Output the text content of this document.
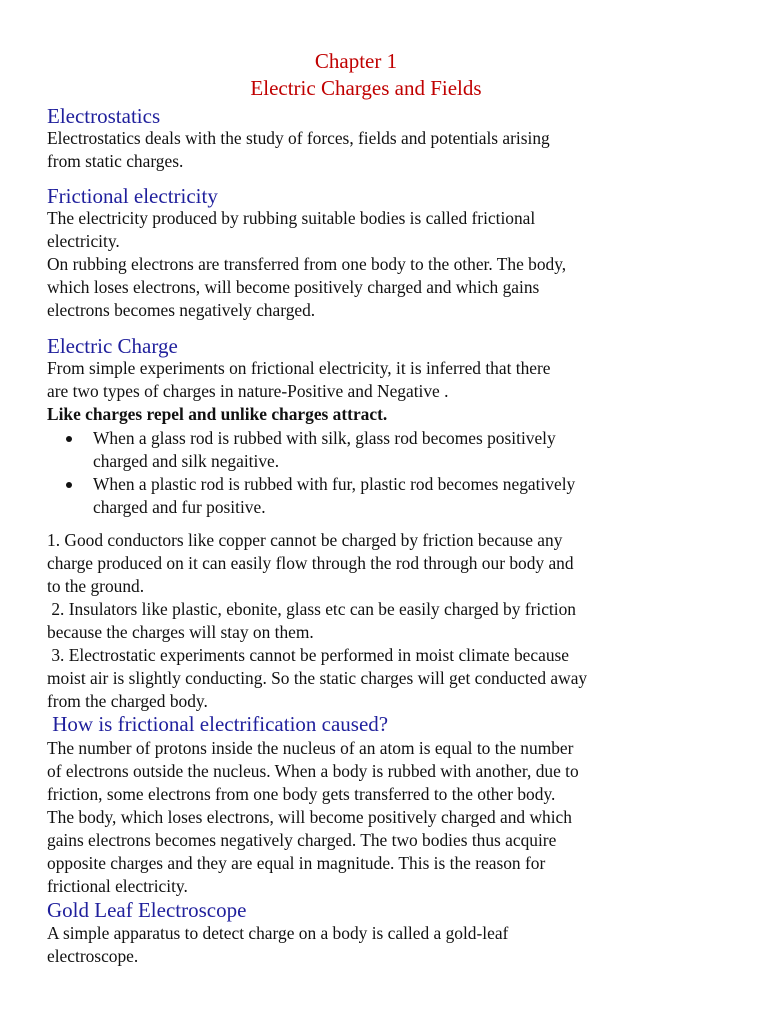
Chapter 1
Electric Charges and Fields
Electrostatics

Electrostatics deals with the study of forces, fields and potentials arising
from static charges.

Frictional electricity

The electricity produced by rubbing suitable bodies is called frictional
electricity.
On rubbing electrons are transferred from one body to the other. The body,
which loses electrons, will become positively charged and which gains
electrons becomes negatively charged.

Electric Charge

From simple experiments on frictional electricity, it is inferred that there
are two types of charges in nature-Positive and Negative .

Like charges repel and unlike charges attract.

When a glass rod is rubbed with silk, glass rod becomes positively
charged and silk negaitive.
When a plastic rod is rubbed with fur, plastic rod becomes negatively
charged and fur positive.

1. Good conductors like copper cannot be charged by friction because any
charge produced on it can easily flow through the rod through our body and
to the ground.
2. Insulators like plastic, ebonite, glass etc can be easily charged by friction
because the charges will stay on them.
3. Electrostatic experiments cannot be performed in moist climate because
moist air is slightly conducting. So the static charges will get conducted away
from the charged body.

How is frictional electrification caused?

The number of protons inside the nucleus of an atom is equal to the number
of electrons outside the nucleus. When a body is rubbed with another, due to
friction, some electrons from one body gets transferred to the other body.
The body, which loses electrons, will become positively charged and which
gains electrons becomes negatively charged. The two bodies thus acquire
opposite charges and they are equal in magnitude. This is the reason for
frictional electricity.

Gold Leaf Electroscope

A simple apparatus to detect charge on a body is called a gold-leaf
electroscope.
